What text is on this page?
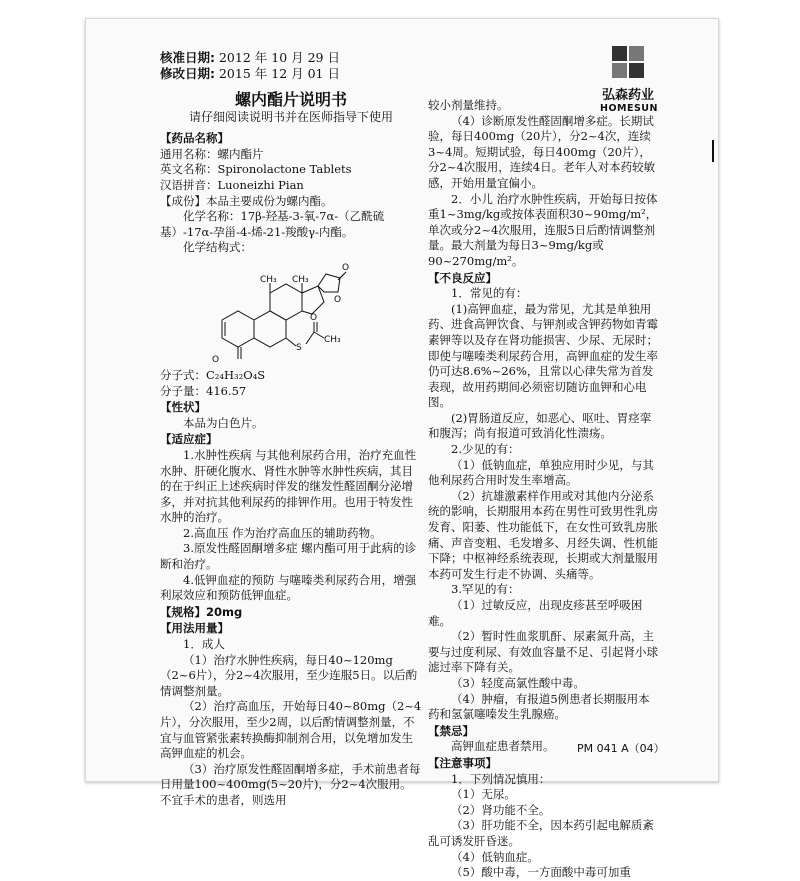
核准日期: 2012 年 10 月 29 日
修改日期: 2015 年 12 月 01 日
弘森药业
HOMESUN
螺内酯片说明书
请仔细阅读说明书并在医师指导下使用

【药品名称】

通用名称：螺内酯片

英文名称：Spironolactone Tablets

汉语拼音：Luoneizhi Pian

【成份】本品主要成份为螺内酯。

化学名称：17β-羟基-3-氧-7α-（乙酰硫基）-17α-孕甾-4-烯-21-羧酸γ-内酯。

化学结构式：

O
CH₃ CH₃
S
O
CH₃
O
O

分子式：C₂₄H₃₂O₄S

分子量：416.57

【性状】

本品为白色片。

【适应症】

1.水肿性疾病 与其他利尿药合用，治疗充血性水肿、肝硬化腹水、肾性水肿等水肿性疾病，其目的在于纠正上述疾病时伴发的继发性醛固酮分泌增多，并对抗其他利尿药的排钾作用。也用于特发性水肿的治疗。

2.高血压 作为治疗高血压的辅助药物。

3.原发性醛固酮增多症 螺内酯可用于此病的诊断和治疗。

4.低钾血症的预防 与噻嗪类利尿药合用，增强利尿效应和预防低钾血症。

【规格】20mg

【用法用量】

1．成人

（1）治疗水肿性疾病，每日40~120mg（2~6片），分2~4次服用，至少连服5日。以后酌情调整剂量。

（2）治疗高血压，开始每日40~80mg（2~4片），分次服用，至少2周，以后酌情调整剂量，不宜与血管紧张素转换酶抑制剂合用，以免增加发生高钾血症的机会。

（3）治疗原发性醛固酮增多症，手术前患者每日用量100~400mg(5~20片)，分2~4次服用。不宜手术的患者，则选用

较小剂量维持。

（4）诊断原发性醛固酮增多症。长期试验，每日400mg（20片），分2~4次，连续3~4周。短期试验，每日400mg（20片），分2~4次服用，连续4日。老年人对本药较敏感，开始用量宜偏小。

2．小儿 治疗水肿性疾病，开始每日按体重1~3mg/kg或按体表面积30~90mg/m²，单次或分2~4次服用，连服5日后酌情调整剂量。最大剂量为每日3~9mg/kg或90~270mg/m²。

【不良反应】

1．常见的有：

(1)高钾血症，最为常见，尤其是单独用药、进食高钾饮食、与钾剂或含钾药物如青霉素钾等以及存在肾功能损害、少尿、无尿时；即使与噻嗪类利尿药合用，高钾血症的发生率仍可达8.6%~26%，且常以心律失常为首发表现，故用药期间必须密切随访血钾和心电图。

(2)胃肠道反应，如恶心、呕吐、胃痉挛和腹泻；尚有报道可致消化性溃疡。

2.少见的有：

（1）低钠血症，单独应用时少见，与其他利尿药合用时发生率增高。

（2）抗雄激素样作用或对其他内分泌系统的影响，长期服用本药在男性可致男性乳房发育、阳萎、性功能低下，在女性可致乳房胀痛、声音变粗、毛发增多、月经失调、性机能下降；中枢神经系统表现，长期或大剂量服用本药可发生行走不协调、头痛等。

3.罕见的有：

（1）过敏反应，出现皮疹甚至呼吸困难。

（2）暂时性血浆肌酐、尿素氮升高，主要与过度利尿、有效血容量不足、引起肾小球滤过率下降有关。

（3）轻度高氯性酸中毒。

（4）肿瘤，有报道5例患者长期服用本药和氢氯噻嗪发生乳腺癌。

【禁忌】

高钾血症患者禁用。

【注意事项】

1．下列情况慎用：

（1）无尿。

（2）肾功能不全。

（3）肝功能不全，因本药引起电解质紊乱可诱发肝昏迷。

（4）低钠血症。

（5）酸中毒，一方面酸中毒可加重

PM 041 A（04）
